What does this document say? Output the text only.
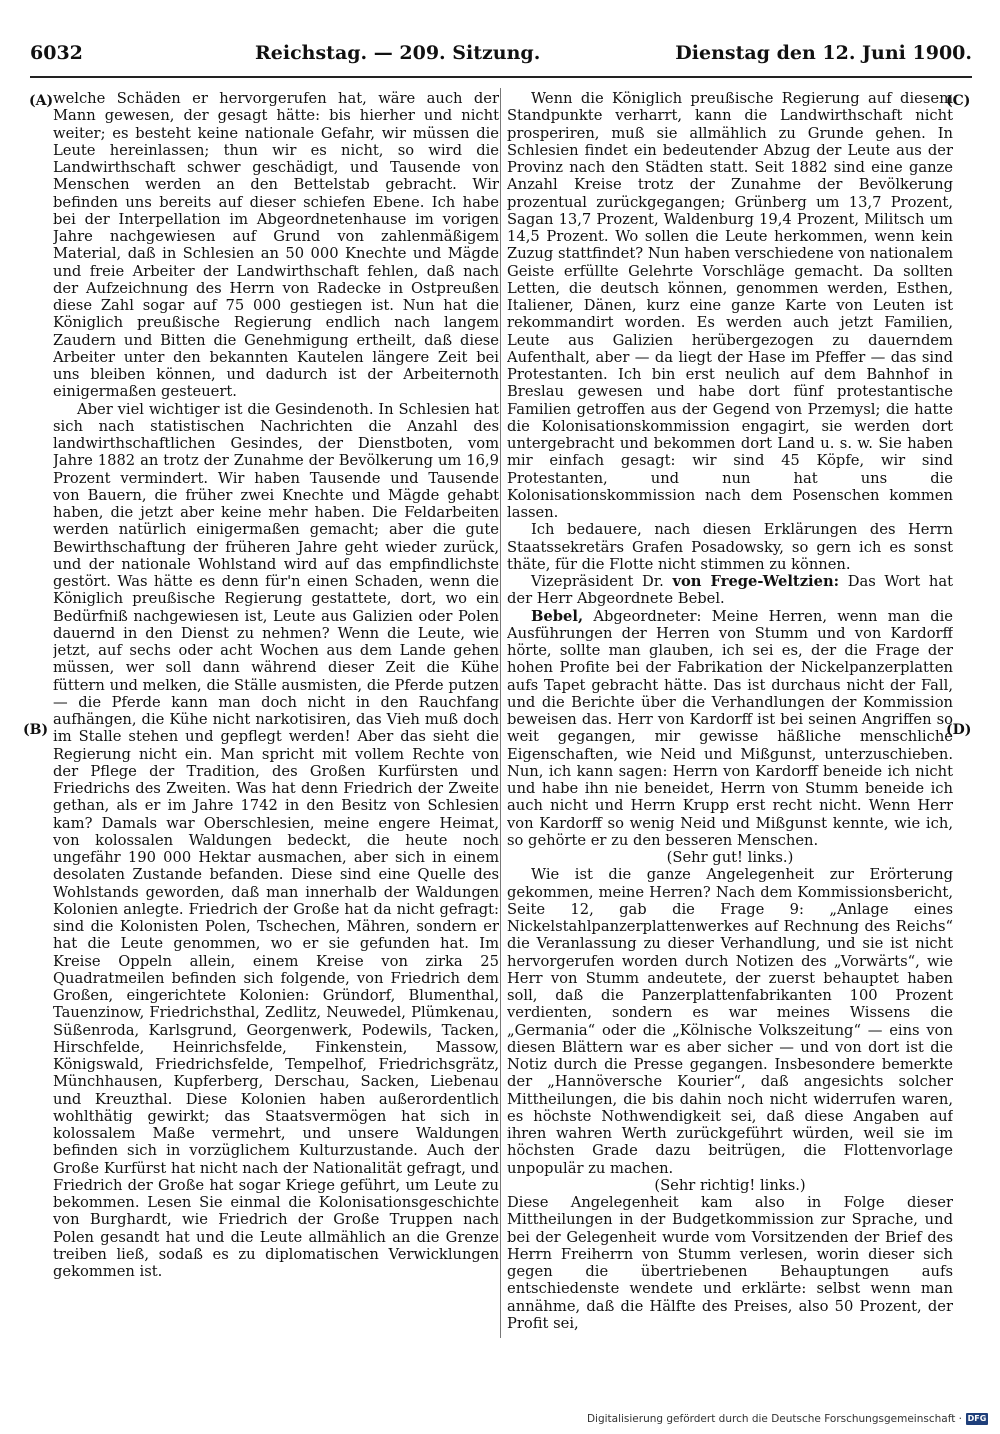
6032	Reichstag. — 209. Sitzung.	Dienstag den 12. Juni 1900.
(A)
(B)
(C)
(D)

welche Schäden er hervorgerufen hat, wäre auch der Mann gewesen, der gesagt hätte: bis hierher und nicht weiter; es besteht keine nationale Gefahr, wir müssen die Leute hereinlassen; thun wir es nicht, so wird die Landwirthschaft schwer geschädigt, und Tausende von Menschen werden an den Bettelstab gebracht. Wir befinden uns bereits auf dieser schiefen Ebene. Ich habe bei der Interpellation im Abgeordnetenhause im vorigen Jahre nachgewiesen auf Grund von zahlenmäßigem Material, daß in Schlesien an 50 000 Knechte und Mägde und freie Arbeiter der Landwirthschaft fehlen, daß nach der Aufzeichnung des Herrn von Radecke in Ostpreußen diese Zahl sogar auf 75 000 gestiegen ist. Nun hat die Königlich preußische Regierung endlich nach langem Zaudern und Bitten die Genehmigung ertheilt, daß diese Arbeiter unter den bekannten Kautelen längere Zeit bei uns bleiben können, und dadurch ist der Arbeiternoth einigermaßen gesteuert.

Aber viel wichtiger ist die Gesindenoth. In Schlesien hat sich nach statistischen Nachrichten die Anzahl des landwirthschaftlichen Gesindes, der Dienstboten, vom Jahre 1882 an trotz der Zunahme der Bevölkerung um 16,9 Prozent vermindert. Wir haben Tausende und Tausende von Bauern, die früher zwei Knechte und Mägde gehabt haben, die jetzt aber keine mehr haben. Die Feldarbeiten werden natürlich einigermaßen gemacht; aber die gute Bewirthschaftung der früheren Jahre geht wieder zurück, und der nationale Wohlstand wird auf das empfindlichste gestört. Was hätte es denn für'n einen Schaden, wenn die Königlich preußische Regierung gestattete, dort, wo ein Bedürfniß nachgewiesen ist, Leute aus Galizien oder Polen dauernd in den Dienst zu nehmen? Wenn die Leute, wie jetzt, auf sechs oder acht Wochen aus dem Lande gehen müssen, wer soll dann während dieser Zeit die Kühe füttern und melken, die Ställe ausmisten, die Pferde putzen — die Pferde kann man doch nicht in den Rauchfang aufhängen, die Kühe nicht narkotisiren, das Vieh muß doch im Stalle stehen und gepflegt werden! Aber das sieht die Regierung nicht ein. Man spricht mit vollem Rechte von der Pflege der Tradition, des Großen Kurfürsten und Friedrichs des Zweiten. Was hat denn Friedrich der Zweite gethan, als er im Jahre 1742 in den Besitz von Schlesien kam? Damals war Oberschlesien, meine engere Heimat, von kolossalen Waldungen bedeckt, die heute noch ungefähr 190 000 Hektar ausmachen, aber sich in einem desolaten Zustande befanden. Diese sind eine Quelle des Wohlstands geworden, daß man innerhalb der Waldungen Kolonien anlegte. Friedrich der Große hat da nicht gefragt: sind die Kolonisten Polen, Tschechen, Mähren, sondern er hat die Leute genommen, wo er sie gefunden hat. Im Kreise Oppeln allein, einem Kreise von zirka 25 Quadratmeilen befinden sich folgende, von Friedrich dem Großen, eingerichtete Kolonien: Gründorf, Blumenthal, Tauenzinow, Friedrichsthal, Zedlitz, Neuwedel, Plümkenau, Süßenroda, Karlsgrund, Georgenwerk, Podewils, Tacken, Hirschfelde, Heinrichsfelde, Finkenstein, Massow, Königswald, Friedrichsfelde, Tempelhof, Friedrichsgrätz, Münchhausen, Kupferberg, Derschau, Sacken, Liebenau und Kreuzthal. Diese Kolonien haben außerordentlich wohlthätig gewirkt; das Staatsvermögen hat sich in kolossalem Maße vermehrt, und unsere Waldungen befinden sich in vorzüglichem Kulturzustande. Auch der Große Kurfürst hat nicht nach der Nationalität gefragt, und Friedrich der Große hat sogar Kriege geführt, um Leute zu bekommen. Lesen Sie einmal die Kolonisationsgeschichte von Burghardt, wie Friedrich der Große Truppen nach Polen gesandt hat und die Leute allmählich an die Grenze treiben ließ, sodaß es zu diplomatischen Verwicklungen gekommen ist.

Wenn die Königlich preußische Regierung auf diesem Standpunkte verharrt, kann die Landwirthschaft nicht prosperiren, muß sie allmählich zu Grunde gehen. In Schlesien findet ein bedeutender Abzug der Leute aus der Provinz nach den Städten statt. Seit 1882 sind eine ganze Anzahl Kreise trotz der Zunahme der Bevölkerung prozentual zurückgegangen; Grünberg um 13,7 Prozent, Sagan 13,7 Prozent, Waldenburg 19,4 Prozent, Militsch um 14,5 Prozent. Wo sollen die Leute herkommen, wenn kein Zuzug stattfindet? Nun haben verschiedene von nationalem Geiste erfüllte Gelehrte Vorschläge gemacht. Da sollten Letten, die deutsch können, genommen werden, Esthen, Italiener, Dänen, kurz eine ganze Karte von Leuten ist rekommandirt worden. Es werden auch jetzt Familien, Leute aus Galizien herübergezogen zu dauerndem Aufenthalt, aber — da liegt der Hase im Pfeffer — das sind Protestanten. Ich bin erst neulich auf dem Bahnhof in Breslau gewesen und habe dort fünf protestantische Familien getroffen aus der Gegend von Przemysl; die hatte die Kolonisationskommission engagirt, sie werden dort untergebracht und bekommen dort Land u. s. w. Sie haben mir einfach gesagt: wir sind 45 Köpfe, wir sind Protestanten, und nun hat uns die Kolonisationskommission nach dem Posenschen kommen lassen.

Ich bedauere, nach diesen Erklärungen des Herrn Staatssekretärs Grafen Posadowsky, so gern ich es sonst thäte, für die Flotte nicht stimmen zu können.

Vizepräsident Dr. von Frege-Weltzien: Das Wort hat der Herr Abgeordnete Bebel.

Bebel, Abgeordneter: Meine Herren, wenn man die Ausführungen der Herren von Stumm und von Kardorff hörte, sollte man glauben, ich sei es, der die Frage der hohen Profite bei der Fabrikation der Nickelpanzerplatten aufs Tapet gebracht hätte. Das ist durchaus nicht der Fall, und die Berichte über die Verhandlungen der Kommission beweisen das. Herr von Kardorff ist bei seinen Angriffen so weit gegangen, mir gewisse häßliche menschliche Eigenschaften, wie Neid und Mißgunst, unterzuschieben. Nun, ich kann sagen: Herrn von Kardorff beneide ich nicht und habe ihn nie beneidet, Herrn von Stumm beneide ich auch nicht und Herrn Krupp erst recht nicht. Wenn Herr von Kardorff so wenig Neid und Mißgunst kennte, wie ich, so gehörte er zu den besseren Menschen.

(Sehr gut! links.)

Wie ist die ganze Angelegenheit zur Erörterung gekommen, meine Herren? Nach dem Kommissionsbericht, Seite 12, gab die Frage 9: „Anlage eines Nickelstahlpanzerplattenwerkes auf Rechnung des Reichs“ die Veranlassung zu dieser Verhandlung, und sie ist nicht hervorgerufen worden durch Notizen des „Vorwärts“, wie Herr von Stumm andeutete, der zuerst behauptet haben soll, daß die Panzerplattenfabrikanten 100 Prozent verdienten, sondern es war meines Wissens die „Germania“ oder die „Kölnische Volkszeitung“ — eins von diesen Blättern war es aber sicher — und von dort ist die Notiz durch die Presse gegangen. Insbesondere bemerkte der „Hannöversche Kourier“, daß angesichts solcher Mittheilungen, die bis dahin noch nicht widerrufen waren, es höchste Nothwendigkeit sei, daß diese Angaben auf ihren wahren Werth zurückgeführt würden, weil sie im höchsten Grade dazu beitrügen, die Flottenvorlage unpopulär zu machen.

(Sehr richtig! links.)

Diese Angelegenheit kam also in Folge dieser Mittheilungen in der Budgetkommission zur Sprache, und bei der Gelegenheit wurde vom Vorsitzenden der Brief des Herrn Freiherrn von Stumm verlesen, worin dieser sich gegen die übertriebenen Behauptungen aufs entschiedenste wendete und erklärte: selbst wenn man annähme, daß die Hälfte des Preises, also 50 Prozent, der Profit sei,

Digitalisierung gefördert durch die Deutsche Forschungsgemeinschaft · DFG
